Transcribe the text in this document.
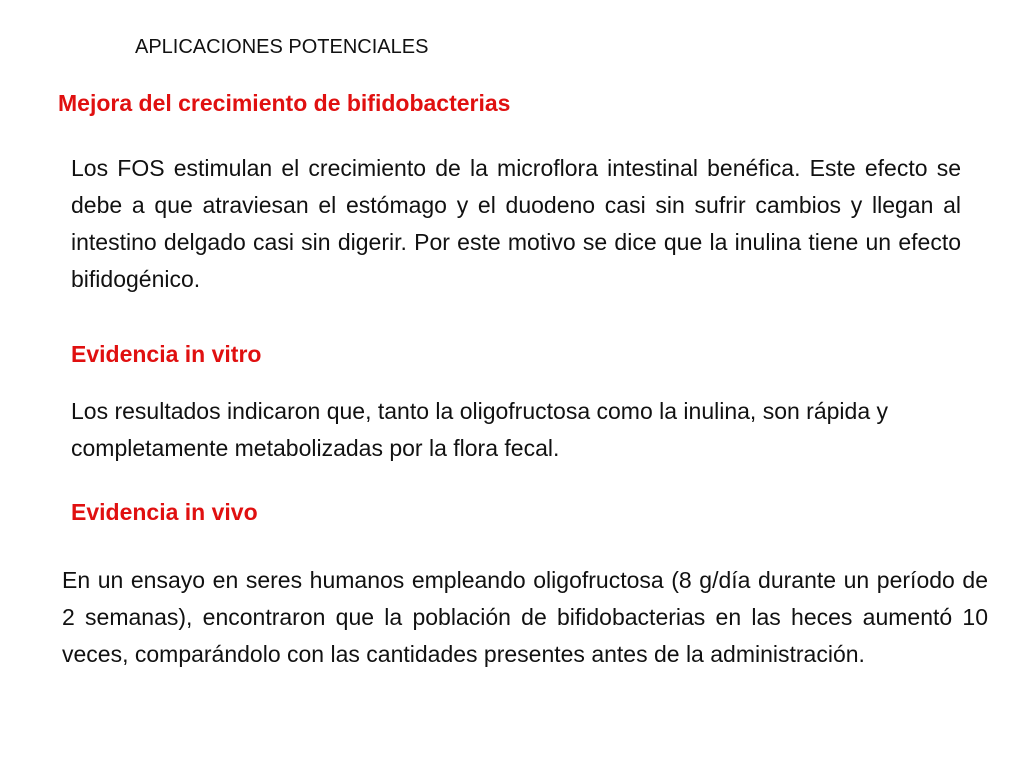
APLICACIONES POTENCIALES
Mejora del crecimiento de bifidobacterias
Los FOS estimulan el crecimiento de la microflora intestinal benéfica. Este efecto se debe a que atraviesan el estómago y el duodeno casi sin sufrir cambios y llegan al intestino delgado casi sin digerir. Por este motivo se dice que la inulina tiene un efecto bifidogénico.
Evidencia in vitro
Los resultados indicaron que, tanto la oligofructosa como la inulina, son rápida y completamente metabolizadas por la flora fecal.
Evidencia in vivo
En un ensayo en seres humanos empleando oligofructosa (8 g/día durante un período de 2 semanas), encontraron que la población de bifidobacterias en las heces aumentó 10 veces, comparándolo con las cantidades presentes antes de la administración.
